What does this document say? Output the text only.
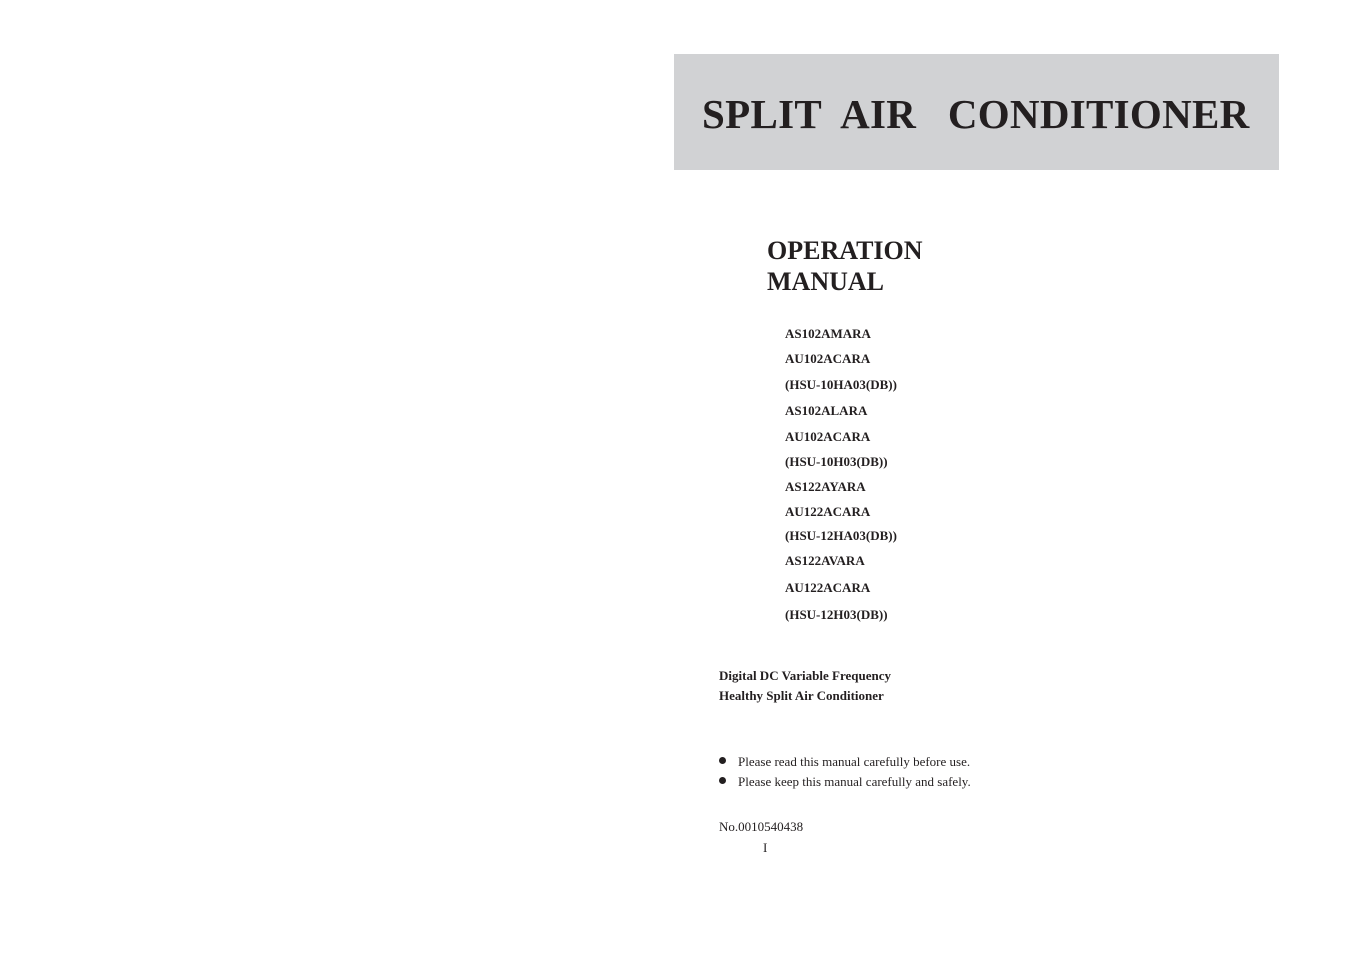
SPLIT  AIR   CONDITIONER
OPERATION
MANUAL
AS102AMARA
AU102ACARA
(HSU-10HA03(DB))
AS102ALARA
AU102ACARA
(HSU-10H03(DB))
AS122AYARA
AU122ACARA
(HSU-12HA03(DB))
AS122AVARA
AU122ACARA
(HSU-12H03(DB))
Digital DC Variable Frequency
Healthy Split Air Conditioner
Please read this manual carefully before use.
Please keep this manual carefully and safely.
No.0010540438
I
